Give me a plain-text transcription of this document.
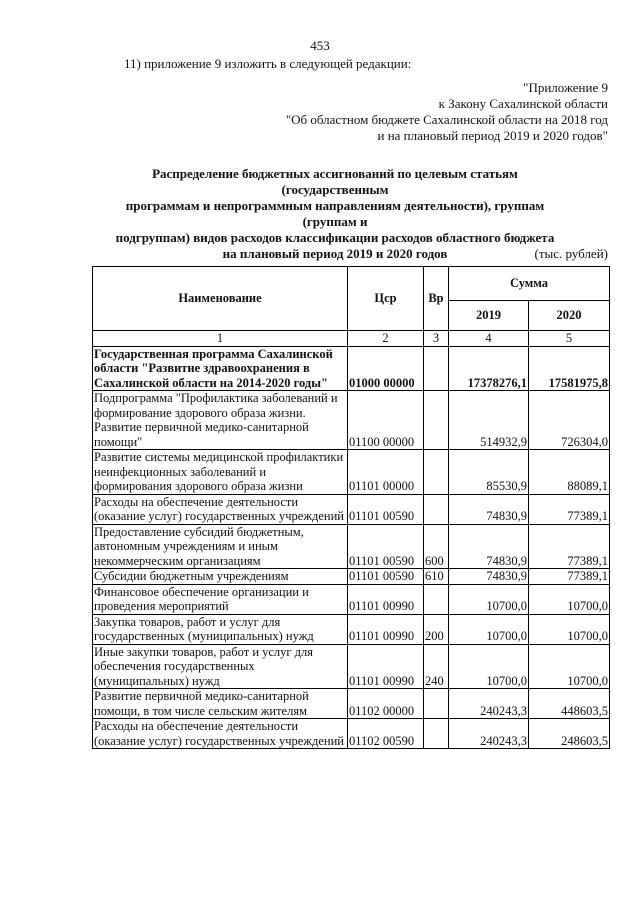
453
11) приложение 9 изложить в следующей редакции:
"Приложение 9
к Закону Сахалинской области
"Об областном бюджете Сахалинской области на 2018 год
и на плановый период 2019 и 2020 годов"
Распределение бюджетных ассигнований по целевым статьям (государственным
программам и непрограммным направлениям деятельности), группам (группам и
подгруппам) видов расходов классификации расходов областного бюджета
на плановый период 2019 и 2020 годов	(тыс. рублей)
Наименование	Цср	Вр	Сумма	
			2019	2020
1	2	3	4	5
Государственная программа Сахалинской области "Развитие здравоохранения в Сахалинской области на 2014-2020 годы"	01000 00000		17378276,1	17581975,8
Подпрограмма "Профилактика заболеваний и формирование здорового образа жизни. Развитие первичной медико-санитарной помощи"	01100 00000		514932,9	726304,0
Развитие системы медицинской профилактики неинфекционных заболеваний и формирования здорового образа жизни	01101 00000		85530,9	88089,1
Расходы на обеспечение деятельности (оказание услуг) государственных учреждений	01101 00590		74830,9	77389,1
Предоставление субсидий бюджетным, автономным учреждениям и иным некоммерческим организациям	01101 00590	600	74830,9	77389,1
Субсидии бюджетным учреждениям	01101 00590	610	74830,9	77389,1
Финансовое обеспечение организации и проведения мероприятий	01101 00990		10700,0	10700,0
Закупка товаров, работ и услуг для государственных (муниципальных) нужд	01101 00990	200	10700,0	10700,0
Иные закупки товаров, работ и услуг для обеспечения государственных (муниципальных) нужд	01101 00990	240	10700,0	10700,0
Развитие первичной медико-санитарной помощи, в том числе сельским жителям	01102 00000		240243,3	448603,5
Расходы на обеспечение деятельности (оказание услуг) государственных учреждений	01102 00590		240243,3	248603,5
